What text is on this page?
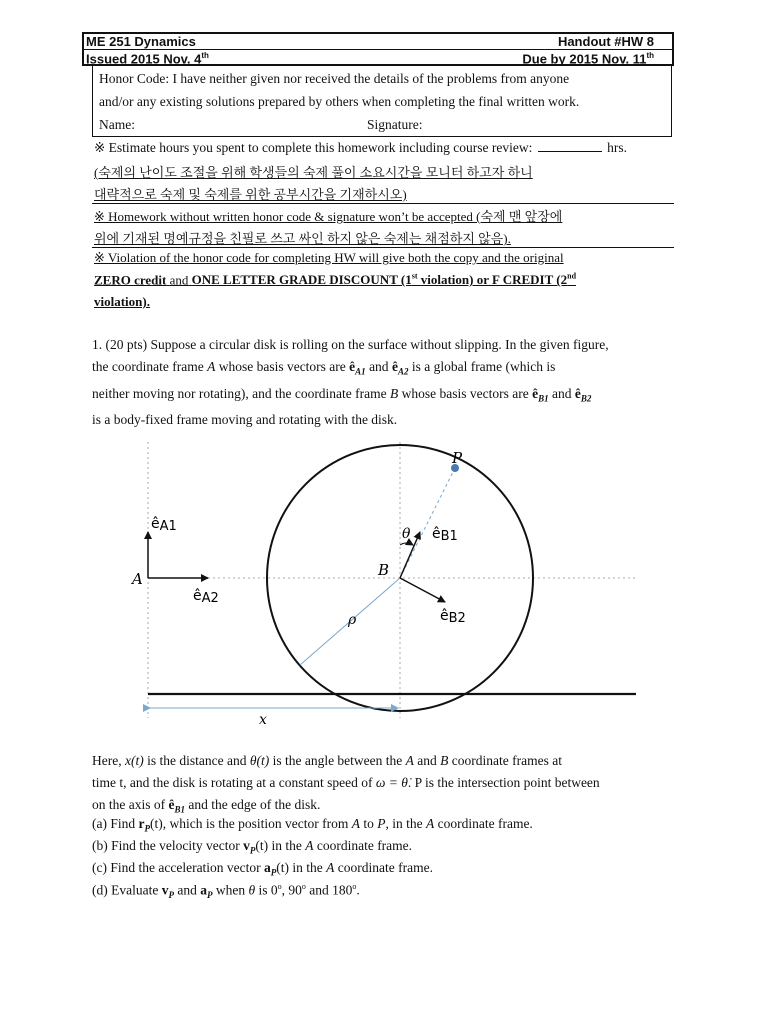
ME 251 Dynamics
Issued 2015 Nov. 4th
Handout #HW 8
Due by 2015 Nov. 11th
Honor Code: I have neither given nor received the details of the problems from anyone
and/or any existing solutions prepared by others when completing the final written work.
Name:	Signature:
※ Estimate hours you spent to complete this homework including course review:	hrs.
(숙제의 난이도 조절을 위해 학생들의 숙제 풀이 소요시간을 모니터 하고자 하니
대략적으로 숙제 및 숙제를 위한 공부시간을 기재하시오)
※ Homework without written honor code & signature won’t be accepted (숙제 맨 앞장에
위에 기재된 명예규정을 친필로 쓰고 싸인 하지 않은 숙제는 채점하지 않음).
※ Violation of the honor code for completing HW will give both the copy and the original
ZERO credit and ONE LETTER GRADE DISCOUNT (1st violation) or F CREDIT (2nd
violation).
1. (20 pts) Suppose a circular disk is rolling on the surface without slipping. In the given figure,
the coordinate frame A whose basis vectors are $ê_{A1}$ and $ê_{A2}$ is a global frame (which is
neither moving nor rotating), and the coordinate frame B whose basis vectors are $ê_{B1}$ and $ê_{B2}$
is a body-fixed frame moving and rotating with the disk.
P
θ êB1
B
êB2
ρ
êA1
A
êA2
x
Here, x(t) is the distance and θ(t) is the angle between the A and B coordinate frames at
time t, and the disk is rotating at a constant speed of ω = θ̇. P is the intersection point between
on the axis of $ê_{B1}$ and the edge of the disk.
(a) Find $r_P(t)$, which is the position vector from A to P, in the A coordinate frame.
(b) Find the velocity vector $v_P(t)$ in the A coordinate frame.
(c) Find the acceleration vector $a_P(t)$ in the A coordinate frame.
(d) Evaluate $v_P$ and $a_P$ when θ is 0$^o$, 90$^o$ and 180$^o$.
